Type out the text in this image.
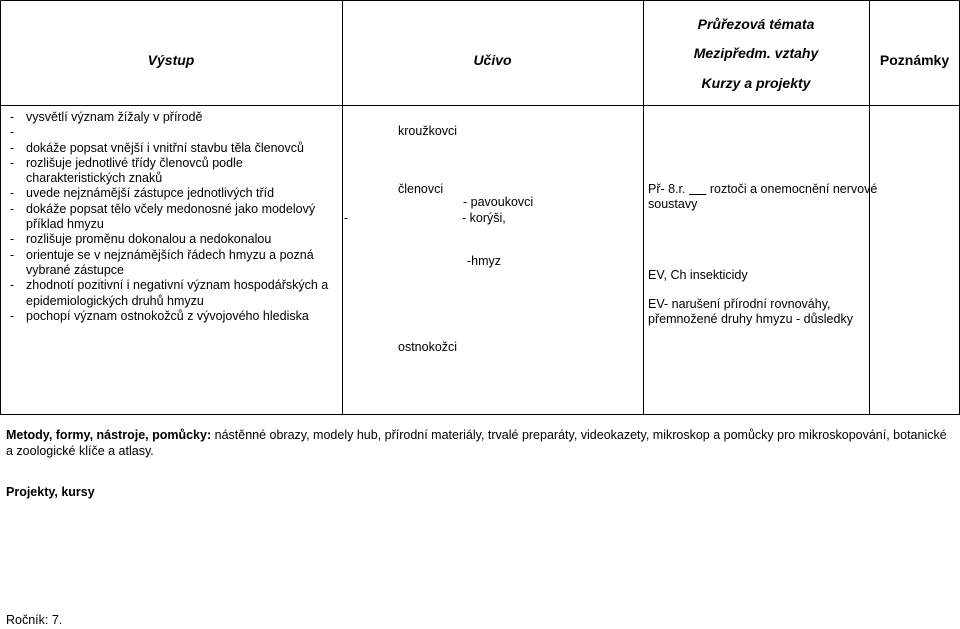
Výstup	Učivo
Průřezová témata
Mezipředm. vztahy
Kurzy a projekty
Poznámky
- vysvětlí význam žížaly v přírodě
-

- dokáže popsat vnější i vnitřní stavbu těla členovců
- rozlišuje jednotlivé třídy členovců podle
charakteristických znaků
- uvede nejznámější zástupce jednotlivých tříd
- dokáže popsat tělo včely medonosné jako modelový
příklad hmyzu
- rozlišuje proměnu dokonalou a nedokonalou
- orientuje se v nejznámějších řádech hmyzu a pozná
vybrané zástupce
- zhodnotí pozitivní i negativní význam hospodářských a
epidemiologických druhů hmyzu
- pochopí význam ostnokožců z vývojového hlediska
kroužkovci
členovci
- pavoukovci
-	- korýši,
-hmyz
ostnokožci
Př- 8.r.       roztoči a onemocnění nervové
soustavy
EV, Ch insekticidy
EV- narušení přírodní rovnováhy,
přemnožené druhy hmyzu - důsledky
Metody, formy, nástroje, pomůcky: nástěnné obrazy, modely hub, přírodní materiály, trvalé preparáty, videokazety, mikroskop a pomůcky pro mikroskopování, botanické
a zoologické klíče a atlasy.
Projekty, kursy
Ročník: 7.
